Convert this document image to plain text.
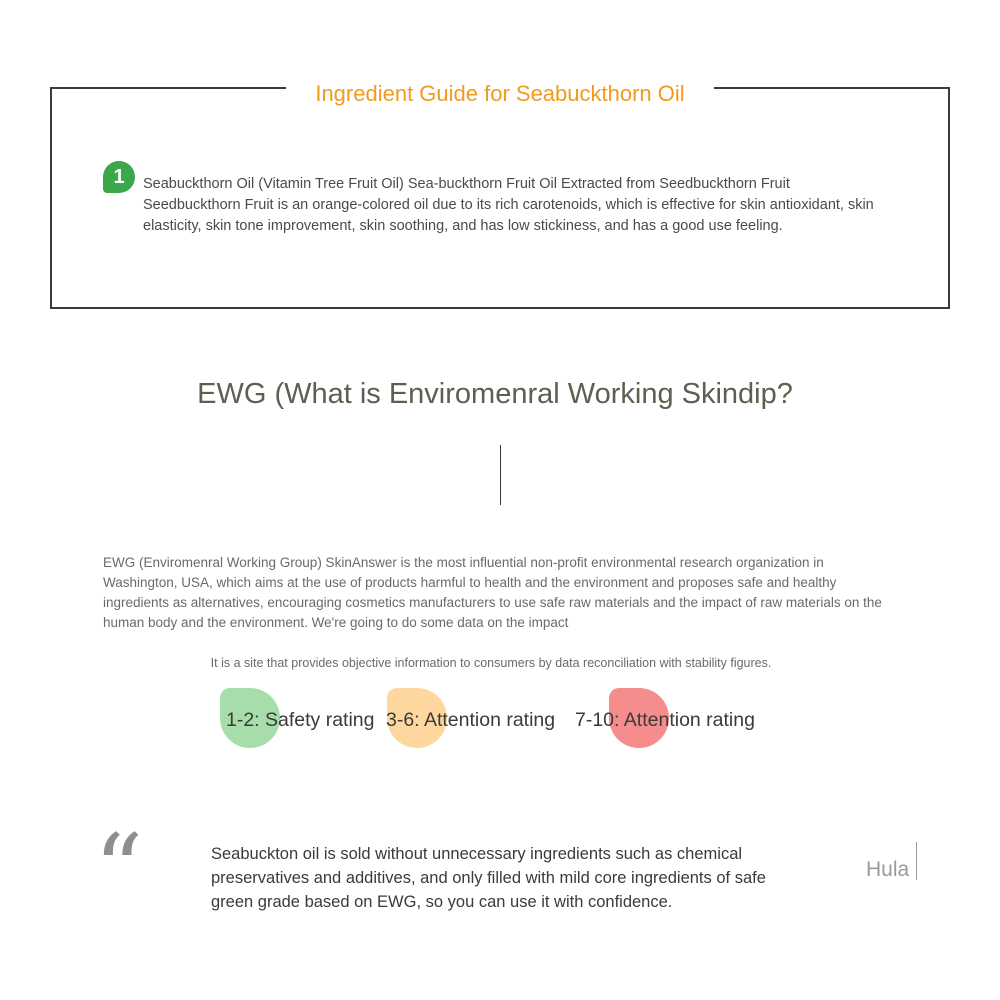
Ingredient Guide for Seabuckthorn Oil
1	Seabuckthorn Oil (Vitamin Tree Fruit Oil) Sea-buckthorn Fruit Oil Extracted from Seedbuckthorn Fruit

Seedbuckthorn Fruit is an orange-colored oil due to its rich carotenoids, which is effective for skin antioxidant, skin elasticity, skin tone improvement, skin soothing, and has low stickiness, and has a good use feeling.

EWG (What is Enviromenral Working Skindip?

EWG (Enviromenral Working Group) SkinAnswer is the most influential non-profit environmental research organization in Washington, USA, which aims at the use of products harmful to health and the environment and proposes safe and healthy ingredients as alternatives, encouraging cosmetics manufacturers to use safe raw materials and the impact of raw materials on the human body and the environment. We're going to do some data on the impact

It is a site that provides objective information to consumers by data reconciliation with stability figures.
1-2: Safety rating 3-6: Attention rating 7-10: Attention rating
“	Seabuckton oil is sold without unnecessary ingredients such as chemical preservatives and additives, and only filled with mild core ingredients of safe green grade based on EWG, so you can use it with confidence.

Hula
